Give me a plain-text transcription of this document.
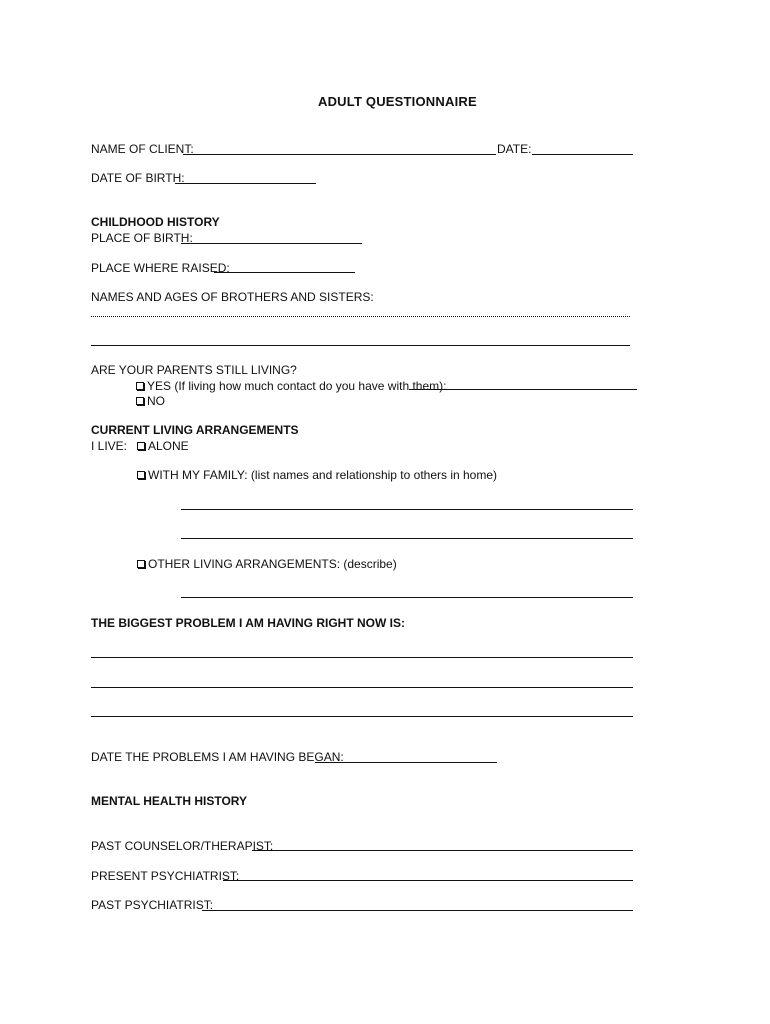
ADULT QUESTIONNAIRE
NAME OF CLIENT:	DATE:
DATE OF BIRTH:
CHILDHOOD HISTORY
PLACE OF BIRTH:
PLACE WHERE RAISED:
NAMES AND AGES OF BROTHERS AND SISTERS:
ARE YOUR PARENTS STILL LIVING?
YES (If living how much contact do you have with them):
NO
CURRENT LIVING ARRANGEMENTS
I LIVE:	ALONE
WITH MY FAMILY: (list names and relationship to others in home)
OTHER LIVING ARRANGEMENTS: (describe)
THE BIGGEST PROBLEM I AM HAVING RIGHT NOW IS:
DATE THE PROBLEMS I AM HAVING BEGAN:
MENTAL HEALTH HISTORY
PAST COUNSELOR/THERAPIST:
PRESENT PSYCHIATRIST:
PAST PSYCHIATRIST:
